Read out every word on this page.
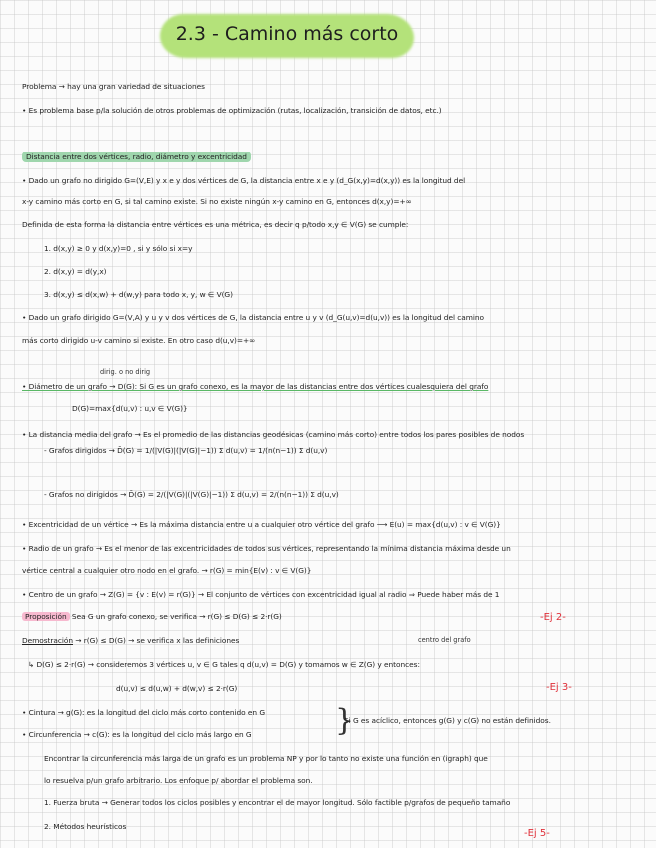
2.3 - Camino más corto
Problema → hay una gran variedad de situaciones
• Es problema base p/la solución de otros problemas de optimización (rutas, localización, transición de datos, etc.)
Distancia entre dos vértices, radio, diámetro y excentricidad
• Dado un grafo no dirigido G=(V,E) y x e y dos vértices de G, la distancia entre x e y (d_G(x,y)=d(x,y)) es la longitud del
x-y camino más corto en G, si tal camino existe. Si no existe ningún x-y camino en G, entonces d(x,y)=+∞
Definida de esta forma la distancia entre vértices es una métrica, es decir q p/todo x,y ∈ V(G) se cumple:
1. d(x,y) ≥ 0 y d(x,y)=0 , si y sólo si x=y
2. d(x,y) = d(y,x)
3. d(x,y) ≤ d(x,w) + d(w,y) para todo x, y, w ∈ V(G)
• Dado un grafo dirigido G=(V,A) y u y v dos vértices de G, la distancia entre u y v (d_G(u,v)=d(u,v)) es la longitud del camino
más corto dirigido u-v camino si existe. En otro caso d(u,v)=+∞
dirig. o no dirig
• Diámetro de un grafo → D(G): Si G es un grafo conexo, es la mayor de las distancias entre dos vértices cualesquiera del grafo
D(G)=max{d(u,v) : u,v ∈ V(G)}
• La distancia media del grafo → Es el promedio de las distancias geodésicas (camino más corto) entre todos los pares posibles de nodos
- Grafos dirigidos → D̄(G) = 1/(|V(G)|(|V(G)|−1)) Σ d(u,v) = 1/(n(n−1)) Σ d(u,v)
- Grafos no dirigidos → D̄(G) = 2/(|V(G)|(|V(G)|−1)) Σ d(u,v) = 2/(n(n−1)) Σ d(u,v)
• Excentricidad de un vértice → Es la máxima distancia entre u a cualquier otro vértice del grafo ⟶ E(u) = max{d(u,v) : v ∈ V(G)}
• Radio de un grafo → Es el menor de las excentricidades de todos sus vértices, representando la mínima distancia máxima desde un
vértice central a cualquier otro nodo en el grafo. → r(G) = min{E(v) : v ∈ V(G)}
• Centro de un grafo → Z(G) = {v : E(v) = r(G)} → El conjunto de vértices con excentricidad igual al radio ⇒ Puede haber más de 1
Proposición Sea G un grafo conexo, se verifica → r(G) ≤ D(G) ≤ 2·r(G)	-Ej 2-
centro del grafo
Demostración → r(G) ≤ D(G) → se verifica x las definiciones
↳ D(G) ≤ 2·r(G) → consideremos 3 vértices u, v ∈ G tales q d(u,v) = D(G) y tomamos w ∈ Z(G) y entonces:
d(u,v) ≤ d(u,w) + d(w,v) ≤ 2·r(G)	-Ej 3-
• Cintura → g(G): es la longitud del ciclo más corto contenido en G
• Circunferencia → c(G): es la longitud del ciclo más largo en G	}
Si G es acíclico, entonces g(G) y c(G) no están definidos.
Encontrar la circunferencia más larga de un grafo es un problema NP y por lo tanto no existe una función en (igraph) que
lo resuelva p/un grafo arbitrario. Los enfoque p/ abordar el problema son.
1. Fuerza bruta → Generar todos los ciclos posibles y encontrar el de mayor longitud. Sólo factible p/grafos de pequeño tamaño
2. Métodos heurísticos
-Ej 5-
